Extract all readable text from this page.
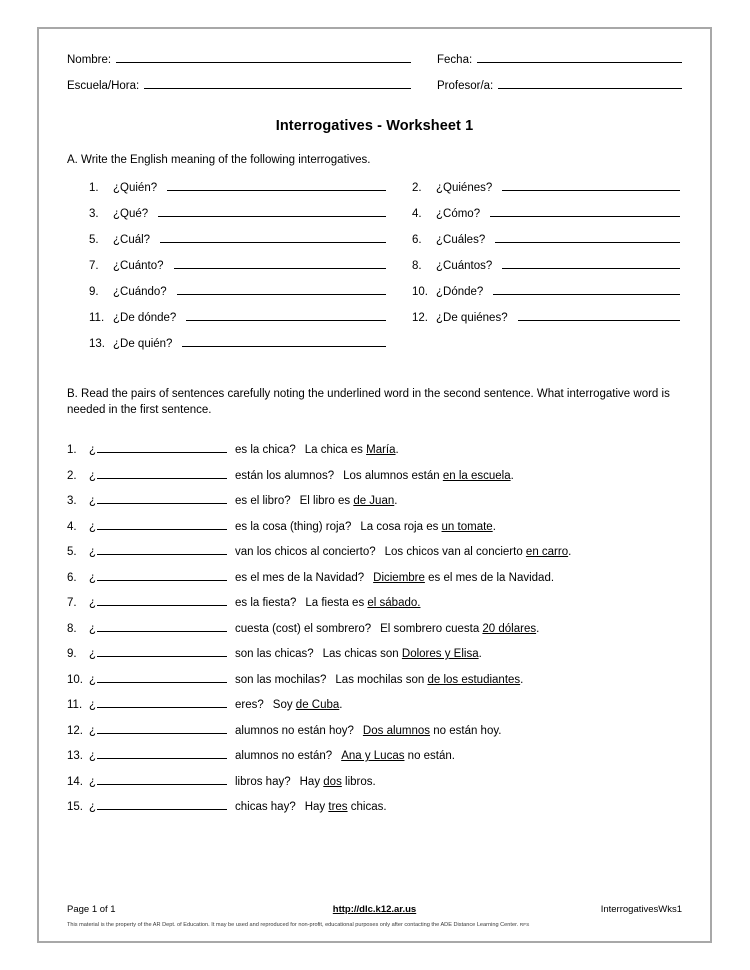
Nombre:	Fecha:
Escuela/Hora:	Profesor/a:
Interrogatives - Worksheet 1
A. Write the English meaning of the following interrogatives.
1.	¿Quién?	2.	¿Quiénes?
3.	¿Qué?	4.	¿Cómo?
5.	¿Cuál?	6.	¿Cuáles?
7.	¿Cuánto?	8.	¿Cuántos?
9.	¿Cuándo?	10. ¿Dónde?
11. ¿De dónde?	12. ¿De quiénes?
13. ¿De quién?
B. Read the pairs of sentences carefully noting the underlined word in the second sentence. What interrogative word is needed in the first sentence.
1.	¿	es la chica? La chica es María.
2.	¿	están los alumnos? Los alumnos están en la escuela.
3.	¿	es el libro? El libro es de Juan.
4.	¿	es la cosa (thing) roja? La cosa roja es un tomate.
5.	¿	van los chicos al concierto? Los chicos van al concierto en carro.
6.	¿	es el mes de la Navidad? Diciembre es el mes de la Navidad.
7.	¿	es la fiesta? La fiesta es el sábado.
8.	¿	cuesta (cost) el sombrero? El sombrero cuesta 20 dólares.
9.	¿	son las chicas? Las chicas son Dolores y Elisa.
10. ¿	son las mochilas? Las mochilas son de los estudiantes.
11. ¿	eres? Soy de Cuba.
12. ¿	alumnos no están hoy? Dos alumnos no están hoy.
13. ¿	alumnos no están? Ana y Lucas no están.
14. ¿	libros hay? Hay dos libros.
15. ¿	chicas hay? Hay tres chicas.
Page 1 of 1	http://dlc.k12.ar.us	InterrogativesWks1
This material is the property of the AR Dept. of Education. It may be used and reproduced for non-profit, educational purposes only after contacting the ADE Distance Learning Center. RFS
